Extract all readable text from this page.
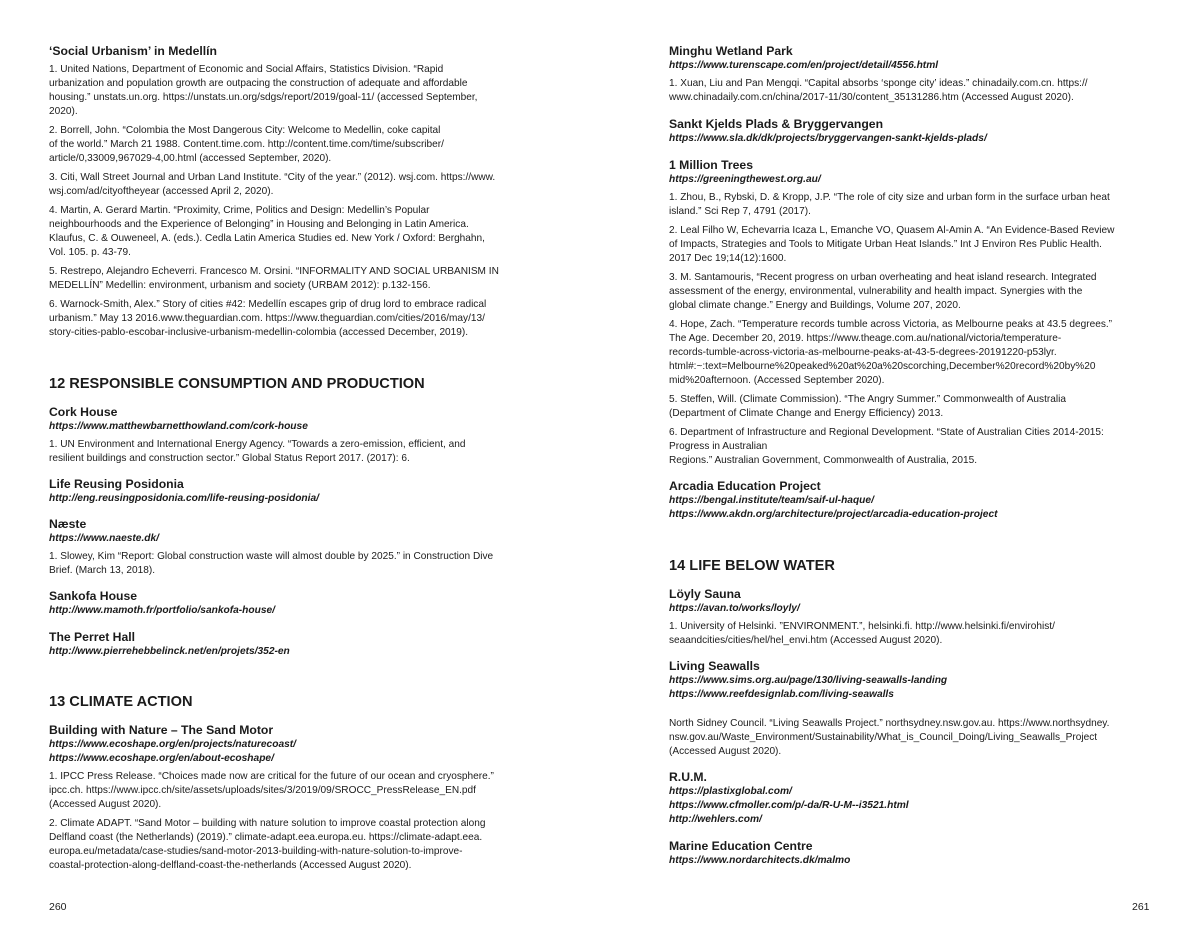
‘Social Urbanism’ in Medellín
1. United Nations, Department of Economic and Social Affairs, Statistics Division. “Rapid
urbanization and population growth are outpacing the construction of adequate and affordable
housing.” unstats.un.org. https://unstats.un.org/sdgs/report/2019/goal-11/ (accessed September,
2020).
2. Borrell, John. “Colombia the Most Dangerous City: Welcome to Medellin, coke capital
of the world.” March 21 1988. Content.time.com. http://content.time.com/time/subscriber/
article/0,33009,967029-4,00.html (accessed September, 2020).
3. Citi, Wall Street Journal and Urban Land Institute. “City of the year.” (2012). wsj.com. https://www.
wsj.com/ad/cityoftheyear (accessed April 2, 2020).
4. Martin, A. Gerard Martin. “Proximity, Crime, Politics and Design: Medellin’s Popular
neighbourhoods and the Experience of Belonging” in Housing and Belonging in Latin America.
Klaufus, C. & Ouweneel, A. (eds.). Cedla Latin America Studies ed. New York / Oxford: Berghahn,
Vol. 105. p. 43-79.
5. Restrepo, Alejandro Echeverri. Francesco M. Orsini. “INFORMALITY AND SOCIAL URBANISM IN
MEDELLÍN” Medellin: environment, urbanism and society (URBAM 2012): p.132-156.
6. Warnock-Smith, Alex.” Story of cities #42: Medellín escapes grip of drug lord to embrace radical
urbanism.” May 13 2016.www.theguardian.com. https://www.theguardian.com/cities/2016/may/13/
story-cities-pablo-escobar-inclusive-urbanism-medellin-colombia (accessed December, 2019).
12 RESPONSIBLE CONSUMPTION AND PRODUCTION
Cork House
https://www.matthewbarnetthowland.com/cork-house
1. UN Environment and International Energy Agency. “Towards a zero-emission, efficient, and
resilient buildings and construction sector.” Global Status Report 2017. (2017): 6.
Life Reusing Posidonia
http://eng.reusingposidonia.com/life-reusing-posidonia/
Næste
https://www.naeste.dk/
1. Slowey, Kim “Report: Global construction waste will almost double by 2025.” in Construction Dive
Brief. (March 13, 2018).
Sankofa House
http://www.mamoth.fr/portfolio/sankofa-house/
The Perret Hall
http://www.pierrehebbelinck.net/en/projets/352-en
13 CLIMATE ACTION
Building with Nature – The Sand Motor
https://www.ecoshape.org/en/projects/naturecoast/
https://www.ecoshape.org/en/about-ecoshape/
1. IPCC Press Release. “Choices made now are critical for the future of our ocean and cryosphere.”
ipcc.ch. https://www.ipcc.ch/site/assets/uploads/sites/3/2019/09/SROCC_PressRelease_EN.pdf
(Accessed August 2020).
2. Climate ADAPT. “Sand Motor – building with nature solution to improve coastal protection along
Delfland coast (the Netherlands) (2019).” climate-adapt.eea.europa.eu. https://climate-adapt.eea.
europa.eu/metadata/case-studies/sand-motor-2013-building-with-nature-solution-to-improve-
coastal-protection-along-delfland-coast-the-netherlands (Accessed August 2020).
Minghu Wetland Park
https://www.turenscape.com/en/project/detail/4556.html
1. Xuan, Liu and Pan Mengqi. “Capital absorbs ‘sponge city’ ideas.” chinadaily.com.cn. https://
www.chinadaily.com.cn/china/2017-11/30/content_35131286.htm (Accessed August 2020).
Sankt Kjelds Plads & Bryggervangen
https://www.sla.dk/dk/projects/bryggervangen-sankt-kjelds-plads/
1 Million Trees
https://greeningthewest.org.au/
1. Zhou, B., Rybski, D. & Kropp, J.P. “The role of city size and urban form in the surface urban heat
island.” Sci Rep 7, 4791 (2017).
2. Leal Filho W, Echevarria Icaza L, Emanche VO, Quasem Al-Amin A. “An Evidence-Based Review
of Impacts, Strategies and Tools to Mitigate Urban Heat Islands.” Int J Environ Res Public Health.
2017 Dec 19;14(12):1600.
3. M. Santamouris, “Recent progress on urban overheating and heat island research. Integrated
assessment of the energy, environmental, vulnerability and health impact. Synergies with the
global climate change.” Energy and Buildings, Volume 207, 2020.
4. Hope, Zach. “Temperature records tumble across Victoria, as Melbourne peaks at 43.5 degrees.”
The Age. December 20, 2019. https://www.theage.com.au/national/victoria/temperature-
records-tumble-across-victoria-as-melbourne-peaks-at-43-5-degrees-20191220-p53lyr.
html#:~:text=Melbourne%20peaked%20at%20a%20scorching,December%20record%20by%20
mid%20afternoon. (Accessed September 2020).
5. Steffen, Will. (Climate Commission). “The Angry Summer.” Commonwealth of Australia
(Department of Climate Change and Energy Efficiency) 2013.
6. Department of Infrastructure and Regional Development. “State of Australian Cities 2014-2015:
Progress in Australian
Regions.” Australian Government, Commonwealth of Australia, 2015.
Arcadia Education Project
https://bengal.institute/team/saif-ul-haque/
https://www.akdn.org/architecture/project/arcadia-education-project
14 LIFE BELOW WATER
Löyly Sauna
https://avan.to/works/loyly/
1. University of Helsinki. ”ENVIRONMENT.”, helsinki.fi. http://www.helsinki.fi/envirohist/
seaandcities/cities/hel/hel_envi.htm (Accessed August 2020).
Living Seawalls
https://www.sims.org.au/page/130/living-seawalls-landing
https://www.reefdesignlab.com/living-seawalls
North Sidney Council. “Living Seawalls Project.” northsydney.nsw.gov.au. https://www.northsydney.
nsw.gov.au/Waste_Environment/Sustainability/What_is_Council_Doing/Living_Seawalls_Project
(Accessed August 2020).
R.U.M.
https://plastixglobal.com/
https://www.cfmoller.com/p/-da/R-U-M--i3521.html
http://wehlers.com/
Marine Education Centre
https://www.nordarchitects.dk/malmo
260	261
